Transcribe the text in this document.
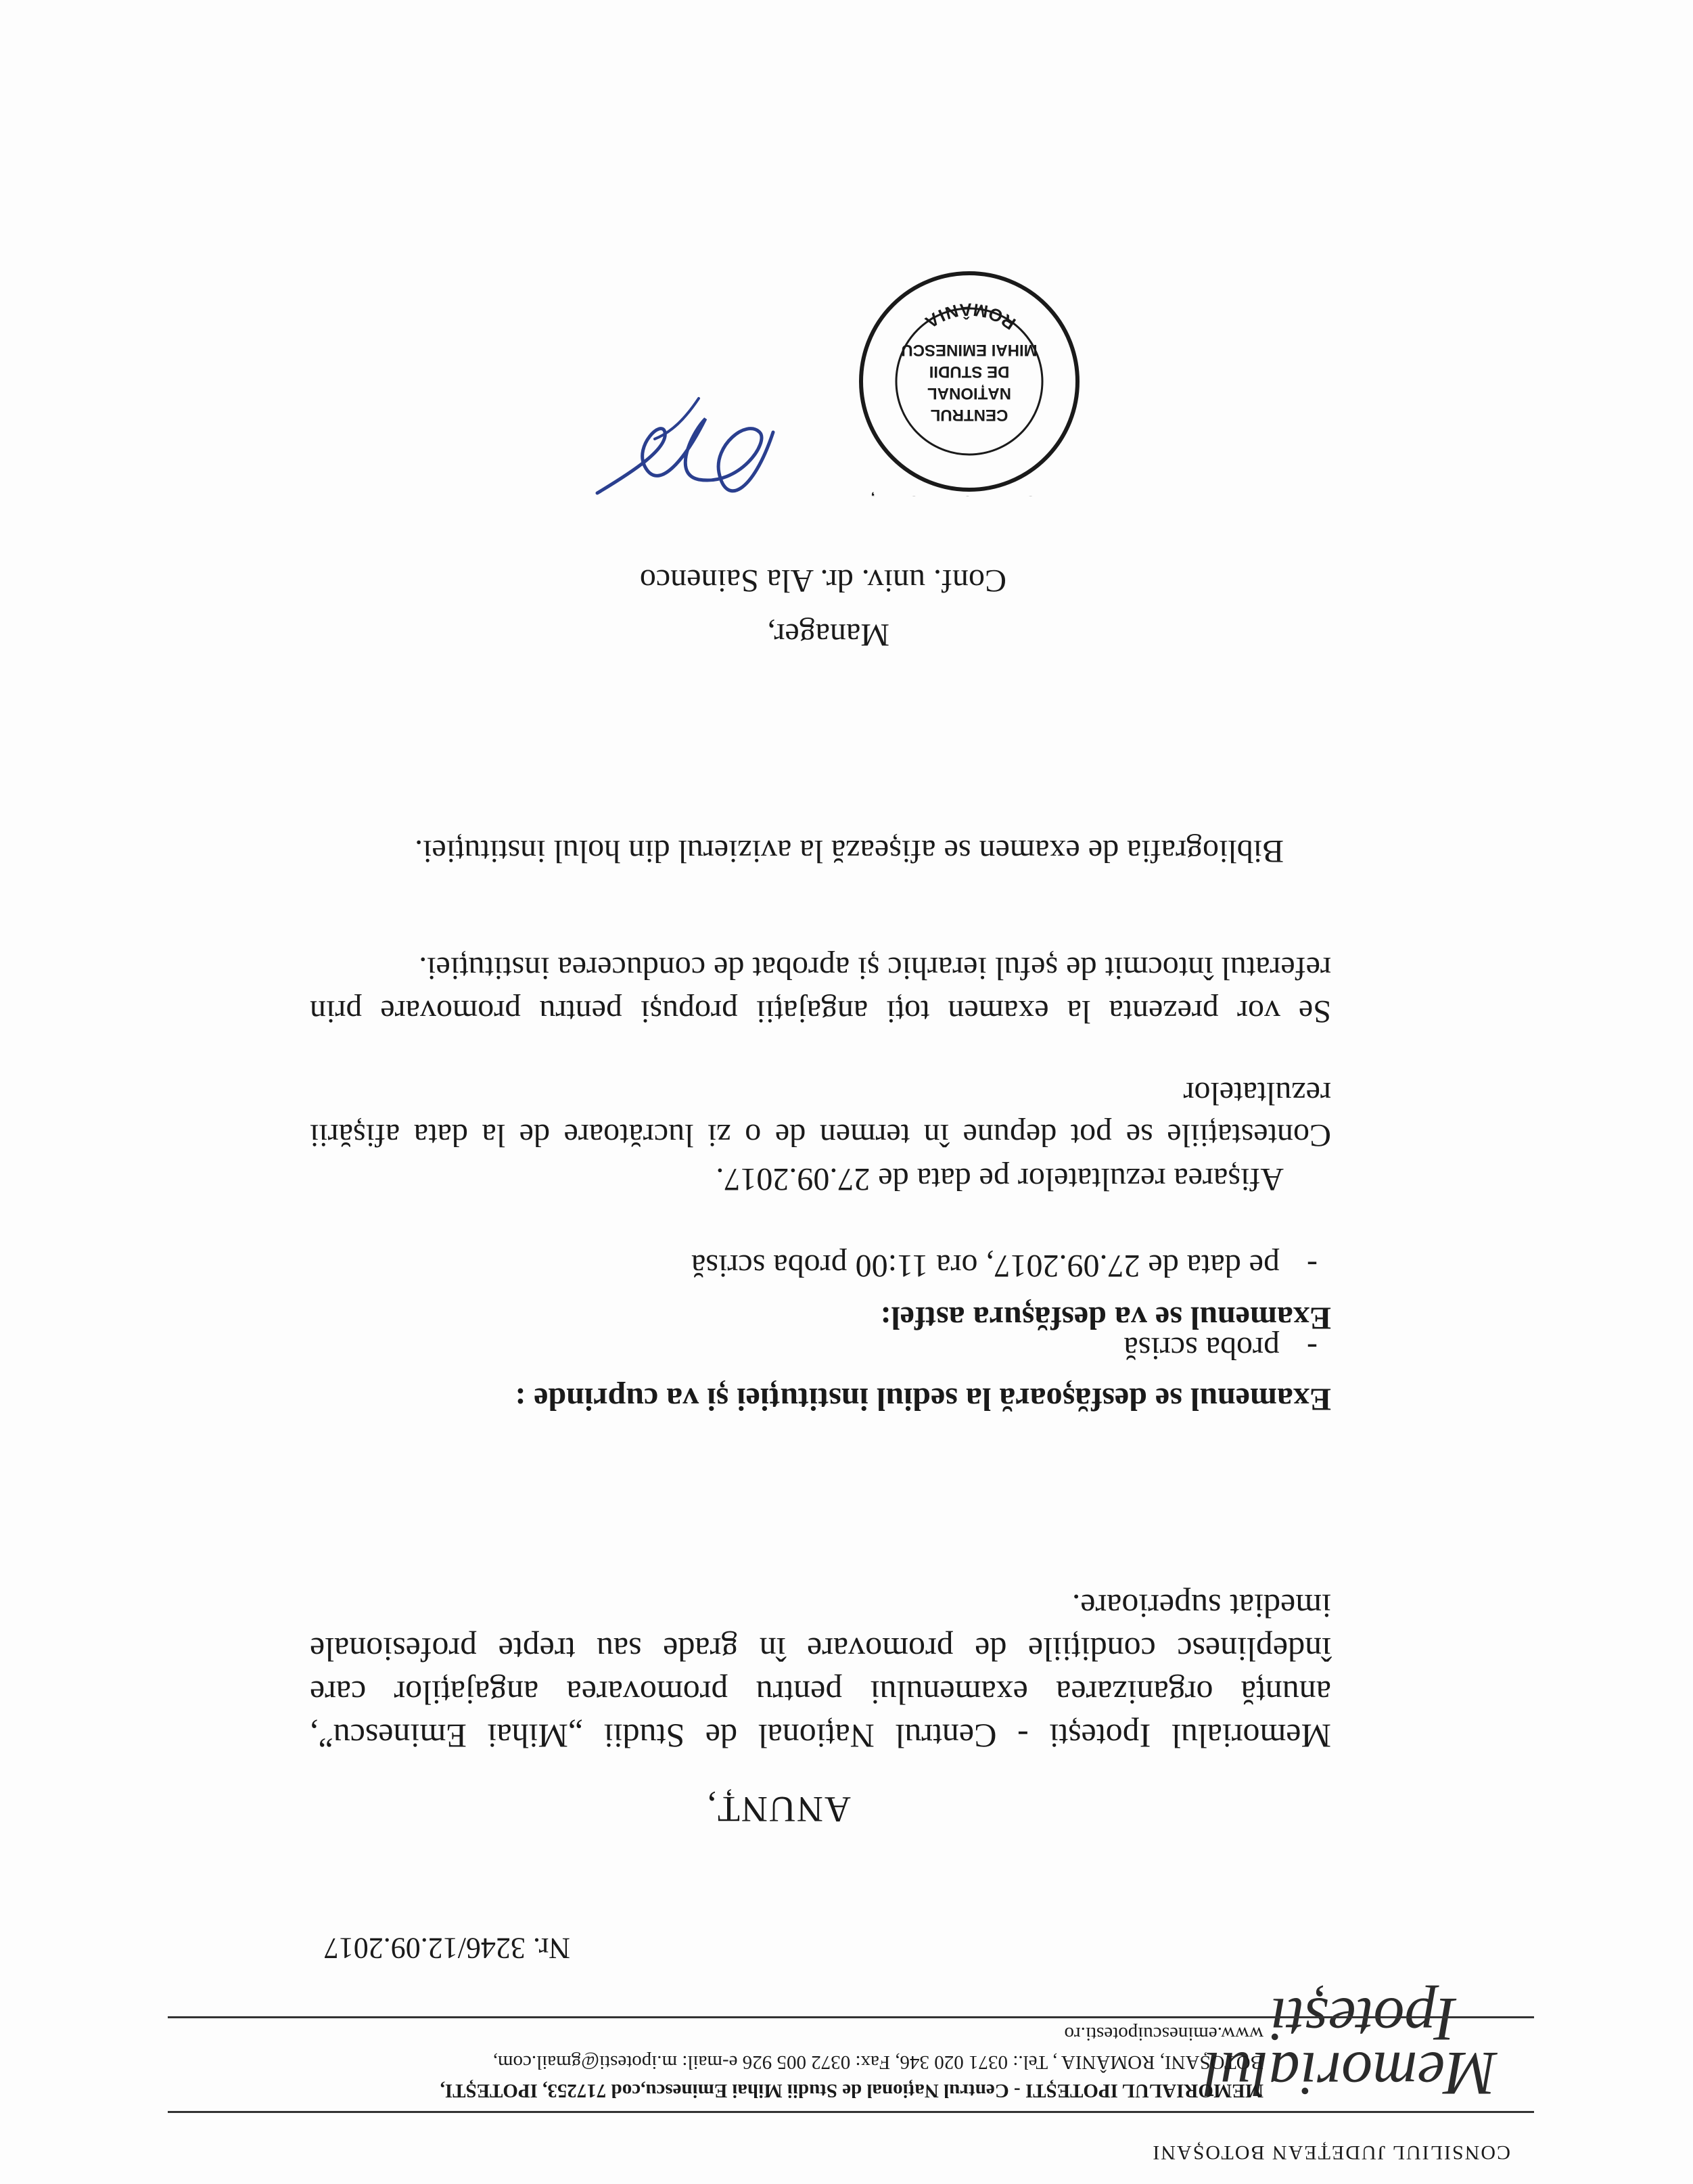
CONSILIUL JUDEȚEAN BOTOȘANI
Memorialul
Ipotești
MEMORIALUL IPOTEȘTI - Centrul Național de Studii Mihai Eminescu,cod 717253, IPOTEȘTI,
BOTOȘANI, ROMÂNIA , Tel.: 0371 020 346, Fax: 0372 005 926 e-mail: m.ipotesti@gmail.com,
www.eminescuipotesti.ro
Nr. 3246/12.09.2017
ANUNȚ,
Memorialul Ipotești - Centrul Național de Studii „Mihai Eminescu”,
anunță organizarea examenului pentru promovarea angajaților care
îndeplinesc condițiile de promovare în grade sau trepte profesionale
imediat superioare.
Examenul se desfășoară la sediul instituției și va cuprinde :
-proba scrisă
Examenul se va desfășura astfel:
-pe data de 27.09.2017, ora 11:00 proba scrisă
Afișarea rezultatelor pe data de 27.09.2017.
Contestațiile se pot depune în termen de o zi lucrătoare de la data afișării
rezultatelor
Se vor prezenta la examen toți angajații propuși pentru promovare prin
referatul întocmit de șeful ierarhic și aprobat de conducerea instituției.
Bibliografia de examen se afișează la avizierul din holul instituției.
Manager,
Conf. univ. dr. Ala Sainenco
ROMÂNIA
CENTRUL
NAȚIONAL
DE STUDII
MIHAI EMINESCU
